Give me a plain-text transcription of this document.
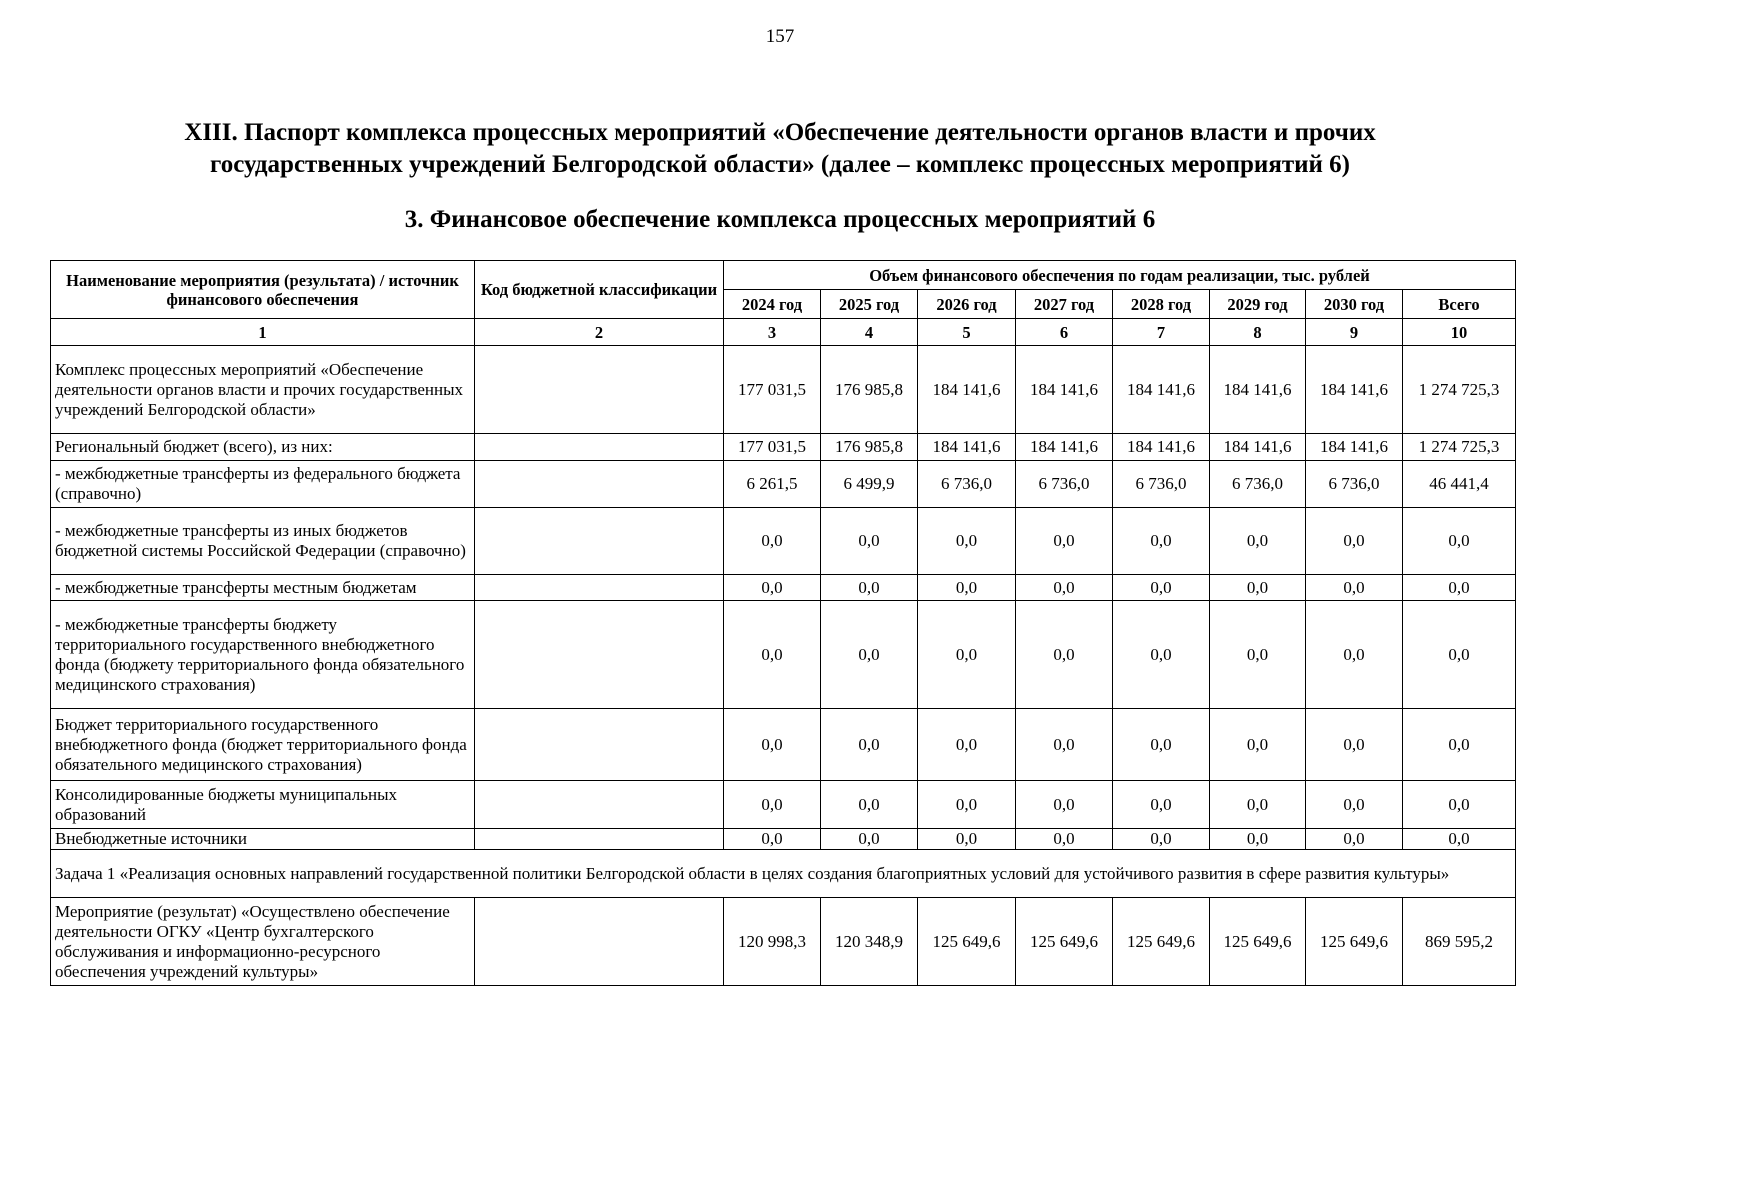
157
XIII. Паспорт комплекса процессных мероприятий «Обеспечение деятельности органов власти и прочих
государственных учреждений Белгородской области» (далее – комплекс процессных мероприятий 6)
3. Финансовое обеспечение комплекса процессных мероприятий 6
Наименование мероприятия (результата) / источник финансового обеспечения	Код бюджетной классификации	Объем финансового обеспечения по годам реализации, тыс. рублей							
		2024 год	2025 год	2026 год	2027 год	2028 год	2029 год	2030 год	Всего
1	2	3	4	5	6	7	8	9	10
Комплекс процессных мероприятий «Обеспечение деятельности органов власти и прочих государственных учреждений Белгородской области»		177 031,5	176 985,8	184 141,6	184 141,6	184 141,6	184 141,6	184 141,6	1 274 725,3
Региональный бюджет (всего), из них:		177 031,5	176 985,8	184 141,6	184 141,6	184 141,6	184 141,6	184 141,6	1 274 725,3
- межбюджетные трансферты из федерального бюджета (справочно)		6 261,5	6 499,9	6 736,0	6 736,0	6 736,0	6 736,0	6 736,0	46 441,4
- межбюджетные трансферты из иных бюджетов бюджетной системы Российской Федерации (справочно)		0,0	0,0	0,0	0,0	0,0	0,0	0,0	0,0
- межбюджетные трансферты местным бюджетам		0,0	0,0	0,0	0,0	0,0	0,0	0,0	0,0
- межбюджетные трансферты бюджету территориального государственного внебюджетного фонда (бюджету территориального фонда обязательного медицинского страхования)		0,0	0,0	0,0	0,0	0,0	0,0	0,0	0,0
Бюджет территориального государственного внебюджетного фонда (бюджет территориального фонда обязательного медицинского страхования)		0,0	0,0	0,0	0,0	0,0	0,0	0,0	0,0
Консолидированные бюджеты муниципальных образований		0,0	0,0	0,0	0,0	0,0	0,0	0,0	0,0
Внебюджетные источники		0,0	0,0	0,0	0,0	0,0	0,0	0,0	0,0
Задача 1 «Реализация основных направлений государственной политики Белгородской области в целях создания благоприятных условий для устойчивого развития в сфере развития культуры»									
Мероприятие (результат) «Осуществлено обеспечение деятельности ОГКУ «Центр бухгалтерского обслуживания и информационно-ресурсного обеспечения учреждений культуры»		120 998,3	120 348,9	125 649,6	125 649,6	125 649,6	125 649,6	125 649,6	869 595,2
